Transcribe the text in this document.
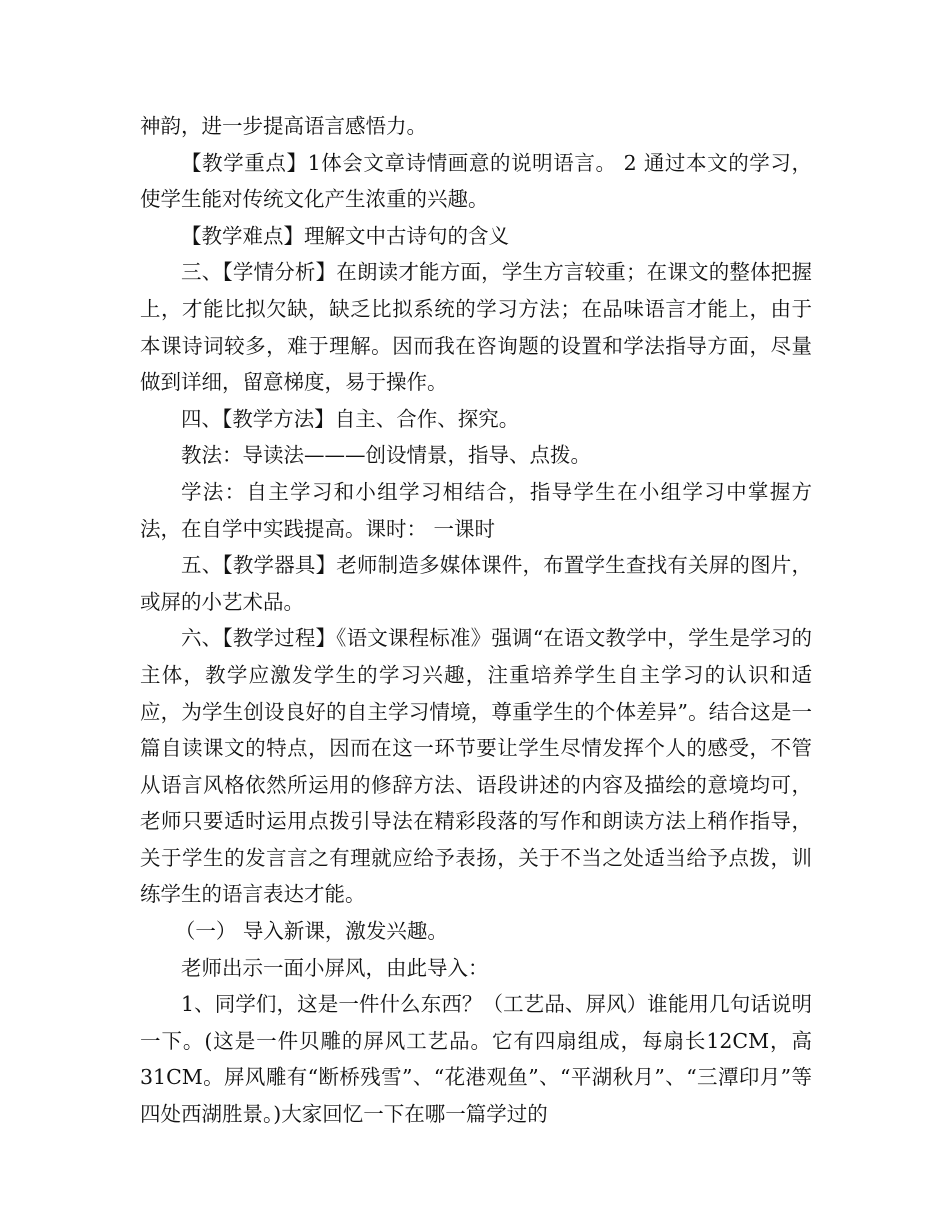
神韵，进一步提高语言感悟力。

【教学重点】1体会文章诗情画意的说明语言。 2 通过本文的学习，使学生能对传统文化产生浓重的兴趣。

【教学难点】理解文中古诗句的含义

三、【学情分析】在朗读才能方面，学生方言较重；在课文的整体把握上，才能比拟欠缺，缺乏比拟系统的学习方法；在品味语言才能上，由于本课诗词较多，难于理解。因而我在咨询题的设置和学法指导方面，尽量做到详细，留意梯度，易于操作。

四、【教学方法】自主、合作、探究。

教法：导读法———创设情景，指导、点拨。

学法：自主学习和小组学习相结合，指导学生在小组学习中掌握方法，在自学中实践提高。课时： 一课时

五、【教学器具】老师制造多媒体课件，布置学生查找有关屏的图片，或屏的小艺术品。

六、【教学过程】《语文课程标准》强调“在语文教学中，学生是学习的主体，教学应激发学生的学习兴趣，注重培养学生自主学习的认识和适应，为学生创设良好的自主学习情境，尊重学生的个体差异”。结合这是一篇自读课文的特点，因而在这一环节要让学生尽情发挥个人的感受，不管从语言风格依然所运用的修辞方法、语段讲述的内容及描绘的意境均可，老师只要适时运用点拨引导法在精彩段落的写作和朗读方法上稍作指导，关于学生的发言言之有理就应给予表扬，关于不当之处适当给予点拨，训练学生的语言表达才能。

（一） 导入新课，激发兴趣。

老师出示一面小屏风，由此导入：

1、同学们，这是一件什么东西？（工艺品、屏风）谁能用几句话说明一下。(这是一件贝雕的屏风工艺品。它有四扇组成，每扇长12CM，高31CM。屏风雕有“断桥残雪”、“花港观鱼”、“平湖秋月”、“三潭印月”等四处西湖胜景。)大家回忆一下在哪一篇学过的
